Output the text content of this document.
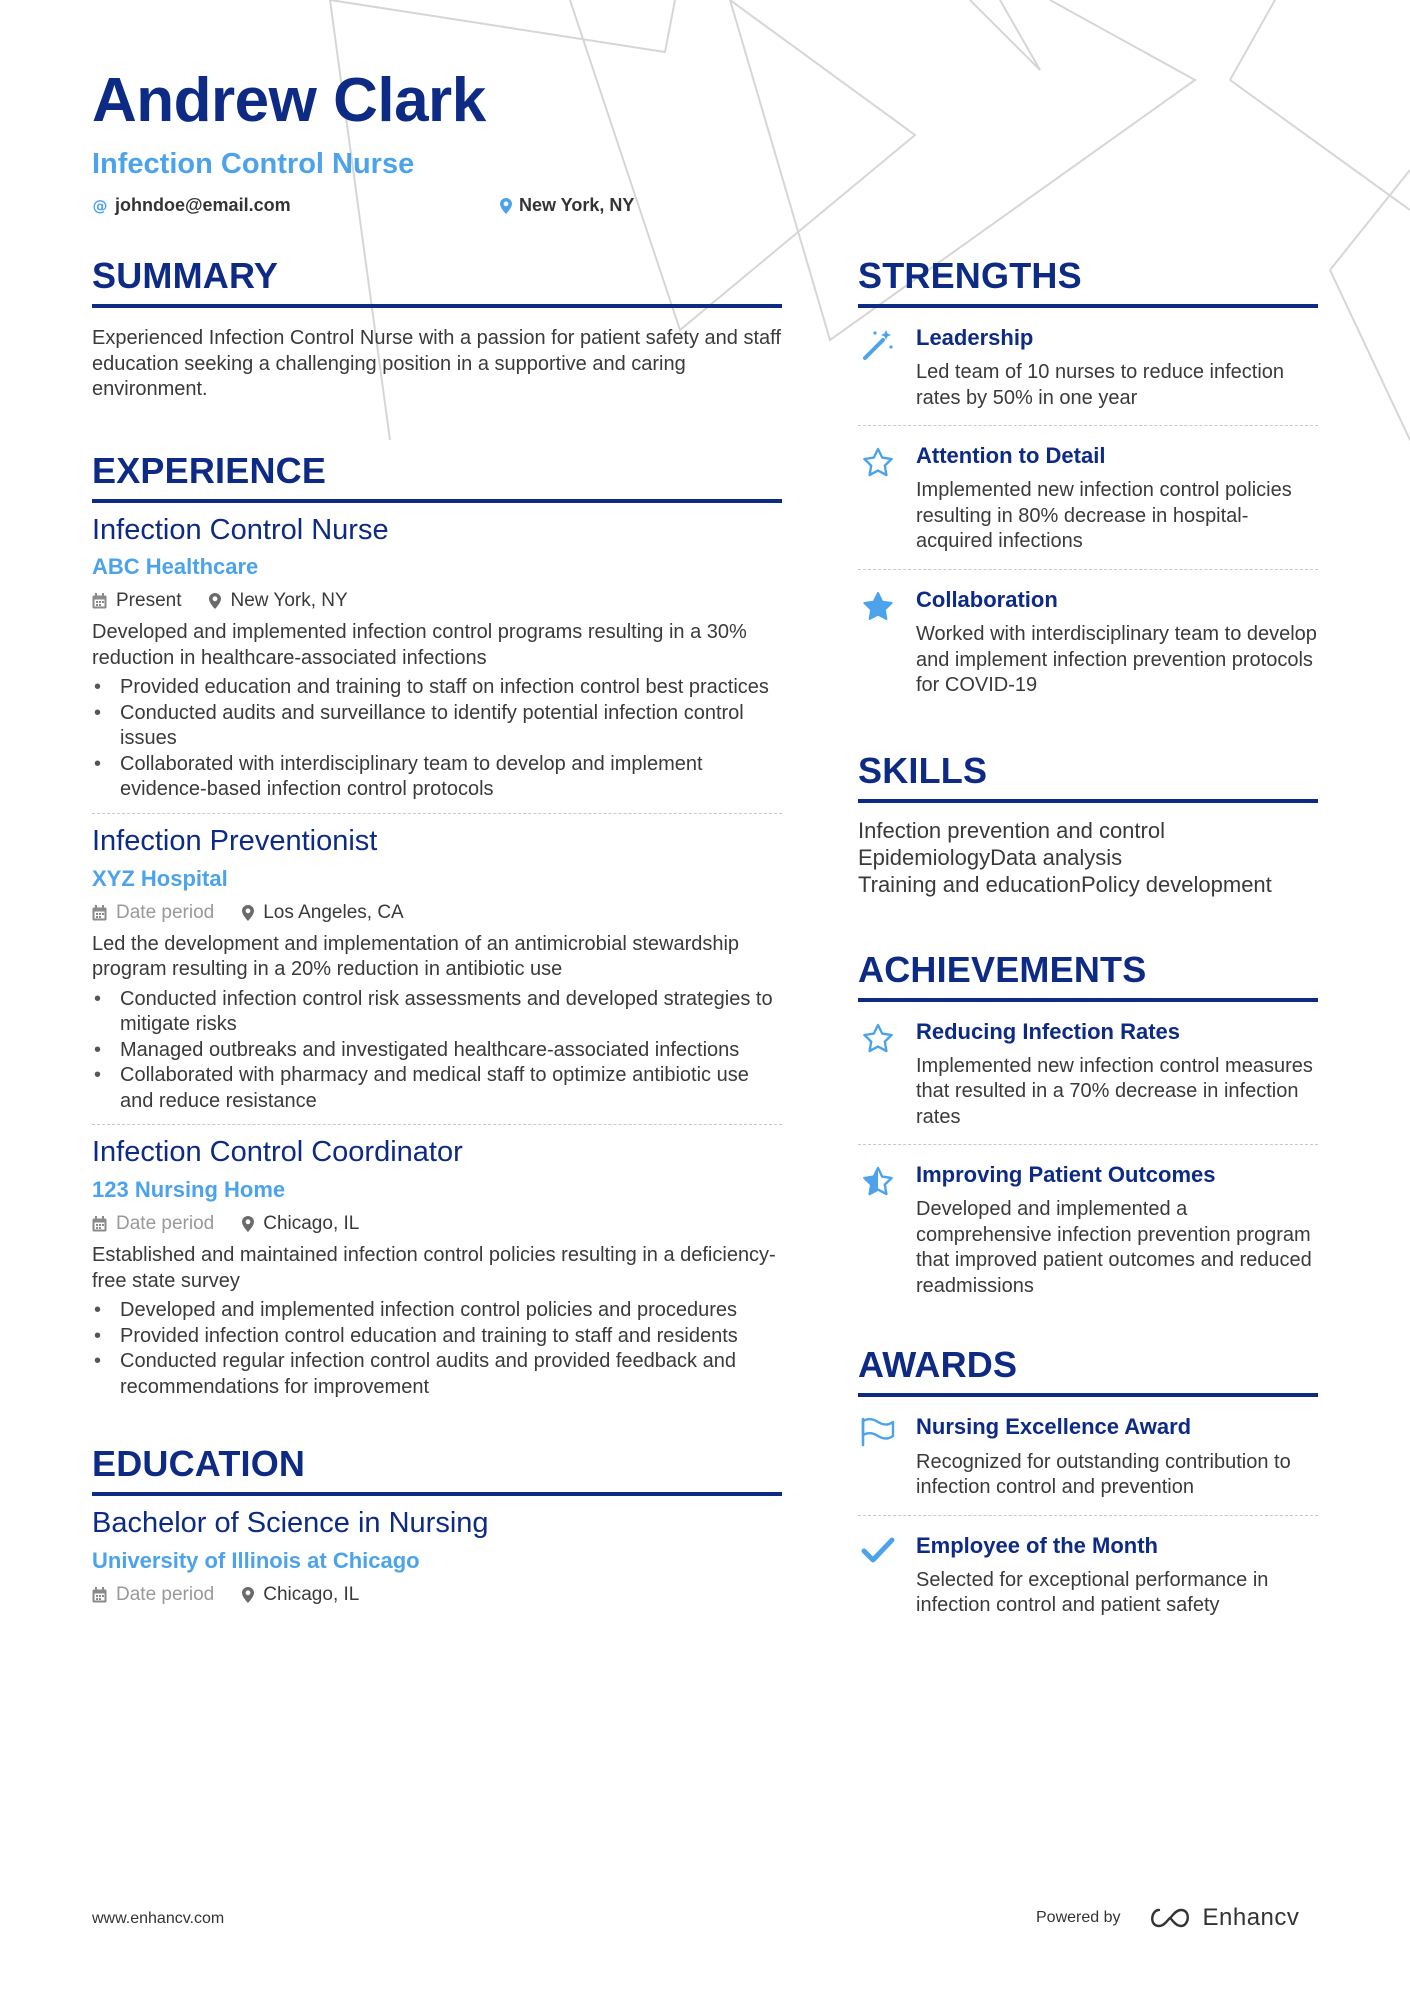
Andrew Clark
Infection Control Nurse
@ johndoe@email.com	New York, NY
SUMMARY
Experienced Infection Control Nurse with a passion for patient safety and staff education seeking a challenging position in a supportive and caring environment.
EXPERIENCE
Infection Control Nurse
ABC Healthcare
Present	New York, NY
Developed and implemented infection control programs resulting in a 30% reduction in healthcare-associated infections
• Provided education and training to staff on infection control best practices
• Conducted audits and surveillance to identify potential infection control issues
• Collaborated with interdisciplinary team to develop and implement evidence-based infection control protocols
Infection Preventionist
XYZ Hospital
Date period	Los Angeles, CA
Led the development and implementation of an antimicrobial stewardship program resulting in a 20% reduction in antibiotic use
• Conducted infection control risk assessments and developed strategies to mitigate risks
• Managed outbreaks and investigated healthcare-associated infections
• Collaborated with pharmacy and medical staff to optimize antibiotic use and reduce resistance
Infection Control Coordinator
123 Nursing Home
Date period	Chicago, IL
Established and maintained infection control policies resulting in a deficiency-free state survey
• Developed and implemented infection control policies and procedures
• Provided infection control education and training to staff and residents
• Conducted regular infection control audits and provided feedback and recommendations for improvement
EDUCATION
Bachelor of Science in Nursing
University of Illinois at Chicago
Date period	Chicago, IL
STRENGTHS
Leadership
Led team of 10 nurses to reduce infection rates by 50% in one year
Attention to Detail
Implemented new infection control policies resulting in 80% decrease in hospital-acquired infections
Collaboration
Worked with interdisciplinary team to develop and implement infection prevention protocols for COVID-19
SKILLS
Infection prevention and control
EpidemiologyData analysis
Training and educationPolicy development
ACHIEVEMENTS
Reducing Infection Rates
Implemented new infection control measures that resulted in a 70% decrease in infection rates
Improving Patient Outcomes
Developed and implemented a comprehensive infection prevention program that improved patient outcomes and reduced readmissions
AWARDS
Nursing Excellence Award
Recognized for outstanding contribution to infection control and prevention
Employee of the Month
Selected for exceptional performance in infection control and patient safety
www.enhancv.com	Powered by	Enhancv
